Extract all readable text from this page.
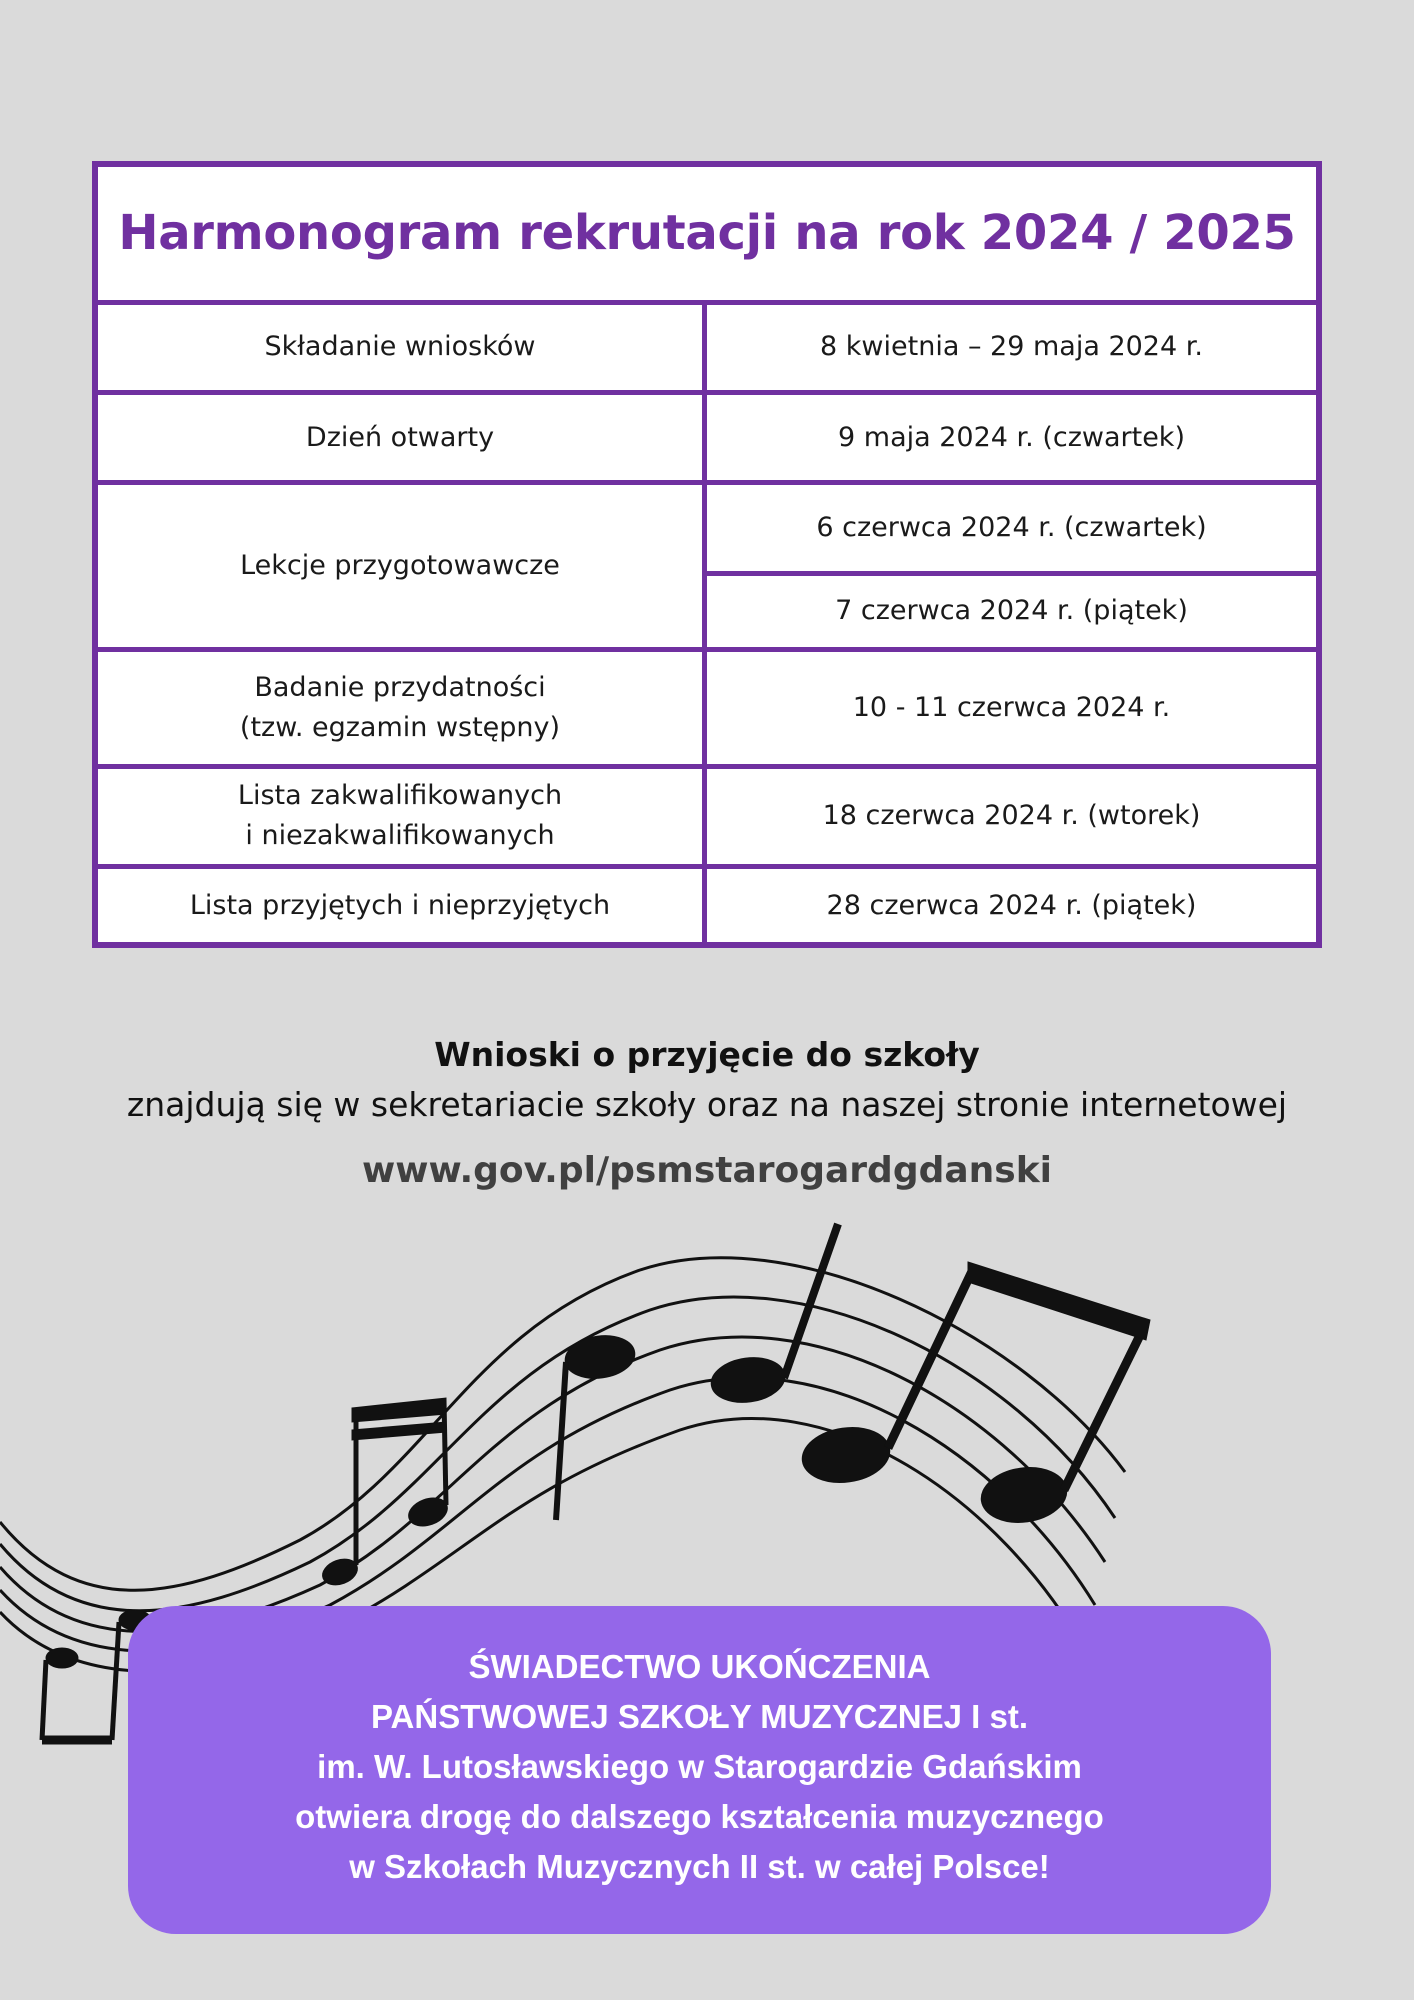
Harmonogram rekrutacji na rok 2024 / 2025	
Składanie wniosków	8 kwietnia – 29 maja 2024 r.
Dzień otwarty	9 maja 2024 r. (czwartek)
Lekcje przygotowawcze	6 czerwca 2024 r. (czwartek)
	7 czerwca 2024 r. (piątek)

Badanie przydatności
(tzw. egzamin wstępny)	10 - 11 czerwca 2024 r.

Lista zakwalifikowanych
i niezakwalifikowanych	18 czerwca 2024 r. (wtorek)
Lista przyjętych i nieprzyjętych	28 czerwca 2024 r. (piątek)
Wnioski o przyjęcie do szkoły
znajdują się w sekretariacie szkoły oraz na naszej stronie internetowej
www.gov.pl/psmstarogardgdanski
ŚWIADECTWO UKOŃCZENIA
PAŃSTWOWEJ SZKOŁY MUZYCZNEJ I st.
im. W. Lutosławskiego w Starogardzie Gdańskim
otwiera drogę do dalszego kształcenia muzycznego
w Szkołach Muzycznych II st. w całej Polsce!
